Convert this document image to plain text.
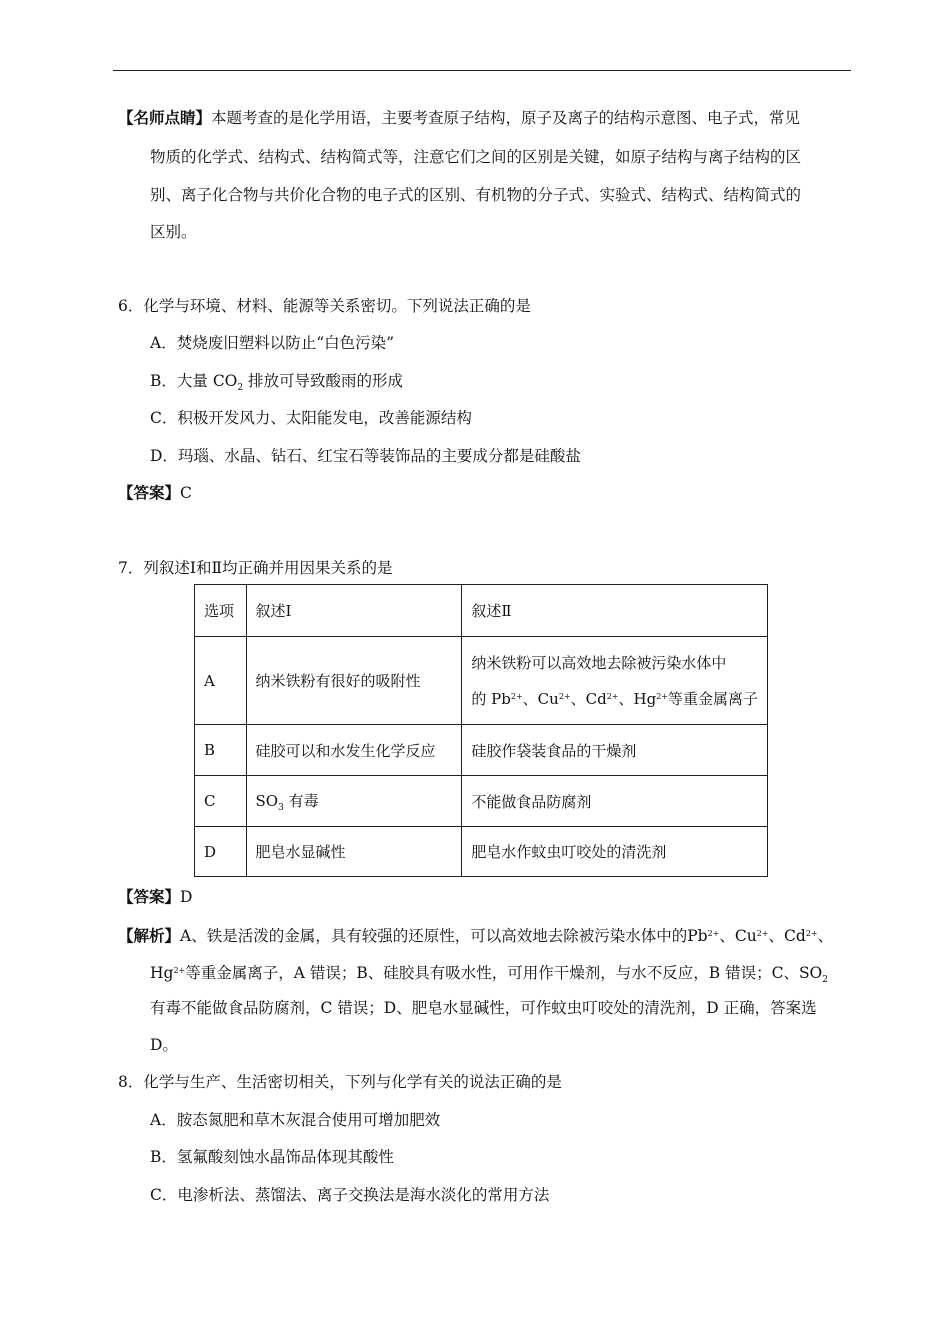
【名师点睛】本题考查的是化学用语，主要考查原子结构，原子及离子的结构示意图、电子式，常见
物质的化学式、结构式、结构简式等，注意它们之间的区别是关键，如原子结构与离子结构的区
别、离子化合物与共价化合物的电子式的区别、有机物的分子式、实验式、结构式、结构简式的
区别。
6．化学与环境、材料、能源等关系密切。下列说法正确的是
A．焚烧废旧塑料以防止“白色污染”
B．大量 $CO_2$ 排放可导致酸雨的形成
C．积极开发风力、太阳能发电，改善能源结构
D．玛瑙、水晶、钻石、红宝石等装饰品的主要成分都是硅酸盐
【答案】C
7．列叙述Ⅰ和Ⅱ均正确并用因果关系的是
选项	叙述Ⅰ	叙述Ⅱ
A	纳米铁粉有很好的吸附性	纳米铁粉可以高效地去除被污染水体中
的 $Pb^{2+}$、$Cu^{2+}$、$Cd^{2+}$、$Hg^{2+}$等重金属离子

B	硅胶可以和水发生化学反应	硅胶作袋装食品的干燥剂
C	$SO_3$ 有毒	不能做食品防腐剂
D	肥皂水显碱性	肥皂水作蚊虫叮咬处的清洗剂
【答案】D
【解析】A、铁是活泼的金属，具有较强的还原性，可以高效地去除被污染水体中的$Pb^{2+}$、$Cu^{2+}$、$Cd^{2+}$、
$Hg^{2+}$等重金属离子，A 错误；B、硅胶具有吸水性，可用作干燥剂，与水不反应，B 错误；C、$SO_2$
有毒不能做食品防腐剂，C 错误；D、肥皂水显碱性，可作蚊虫叮咬处的清洗剂，D 正确，答案选
D。
8．化学与生产、生活密切相关，下列与化学有关的说法正确的是
A．胺态氮肥和草木灰混合使用可增加肥效
B．氢氟酸刻蚀水晶饰品体现其酸性
C．电渗析法、蒸馏法、离子交换法是海水淡化的常用方法
